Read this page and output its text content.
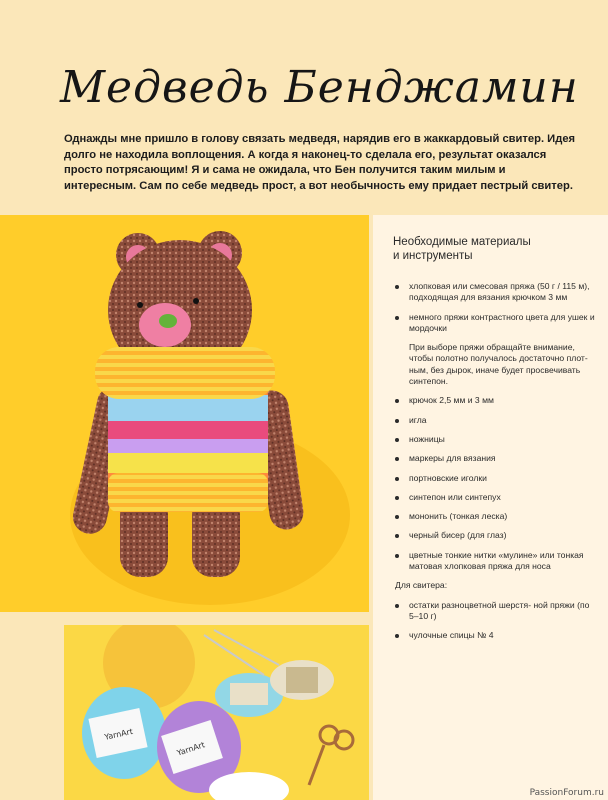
Медведь Бенджамин
Однажды мне пришло в голову связать медведя, нарядив его в жаккардовый свитер. Идея долго не находила воплощения. А когда я наконец-то сделала его, результат оказался просто потрясающим! Я и сама не ожидала, что Бен получится таким милым и интересным. Сам по себе медведь прост, а вот необычность ему придает пестрый свитер.
YarnArt
YarnArt
Необходимые материалы
и инструменты
хлопковая или смесовая пряжа (50 г / 115 м), подходящая для вязания крючком 3 мм
немного пряжи контрастного цвета для ушек и мордочки
При выборе пряжи обращайте внимание, чтобы полотно получалось достаточно плот- ным, без дырок, иначе будет просвечивать синтепон.
крючок 2,5 мм и 3 мм
игла
ножницы
маркеры для вязания
портновские иголки
синтепон или синтепух
мононить (тонкая леска)
черный бисер (для глаз)
цветные тонкие нитки «мулине» или тонкая матовая хлопковая пряжа для носа
Для свитера:
остатки разноцветной шерстя- ной пряжи (по 5–10 г)
чулочные спицы № 4
PassionForum.ru
